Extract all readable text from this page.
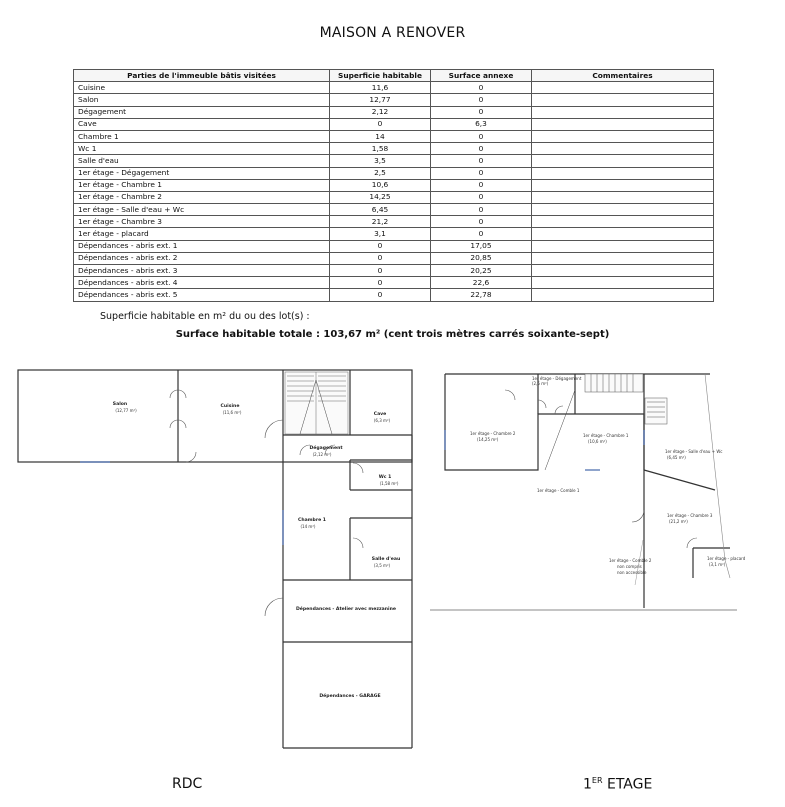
MAISON A RENOVER
Parties de l'immeuble bâtis visitées	Superficie habitable	Surface annexe	Commentaires
Cuisine	11,6	0	
Salon	12,77	0	
Dégagement	2,12	0	
Cave	0	6,3	
Chambre 1	14	0	
Wc 1	1,58	0	
Salle d'eau	3,5	0	
1er étage - Dégagement	2,5	0	
1er étage - Chambre 1	10,6	0	
1er étage - Chambre 2	14,25	0	
1er étage - Salle d'eau + Wc	6,45	0	
1er étage - Chambre 3	21,2	0	
1er étage - placard	3,1	0	
Dépendances - abris ext. 1	0	17,05	
Dépendances - abris ext. 2	0	20,85	
Dépendances - abris ext. 3	0	20,25	
Dépendances - abris ext. 4	0	22,6	
Dépendances - abris ext. 5	0	22,78	
Superficie habitable en m² du ou des lot(s) :
Surface habitable totale : 103,67 m² (cent trois mètres carrés soixante-sept)
Salon
(12,77 m²)
Cuisine
(11,6 m²)	Cave
(6,3 m²)
Dégagement
(2,12 m²)
Wc 1
(1,58 m²)
Chambre 1
(14 m²)
Salle d'eau
(3,5 m²)
Dépendances - Atelier avec mezzanine
Dépendances - GARAGE
1er étage - Dégagement
(2,5 m²)
1er étage - Chambre 2
(14,25 m²)
1er étage - Chambre 1
(10,6 m²)
1er étage - Salle d'eau + Wc
(6,45 m²)
1er étage - Comble 1
1er étage - Chambre 3
(21,2 m²)
1er étage - Comble 2
non compris
non accessible
1er étage - placard
(3,1 m²)
RDC	1ER ETAGE
